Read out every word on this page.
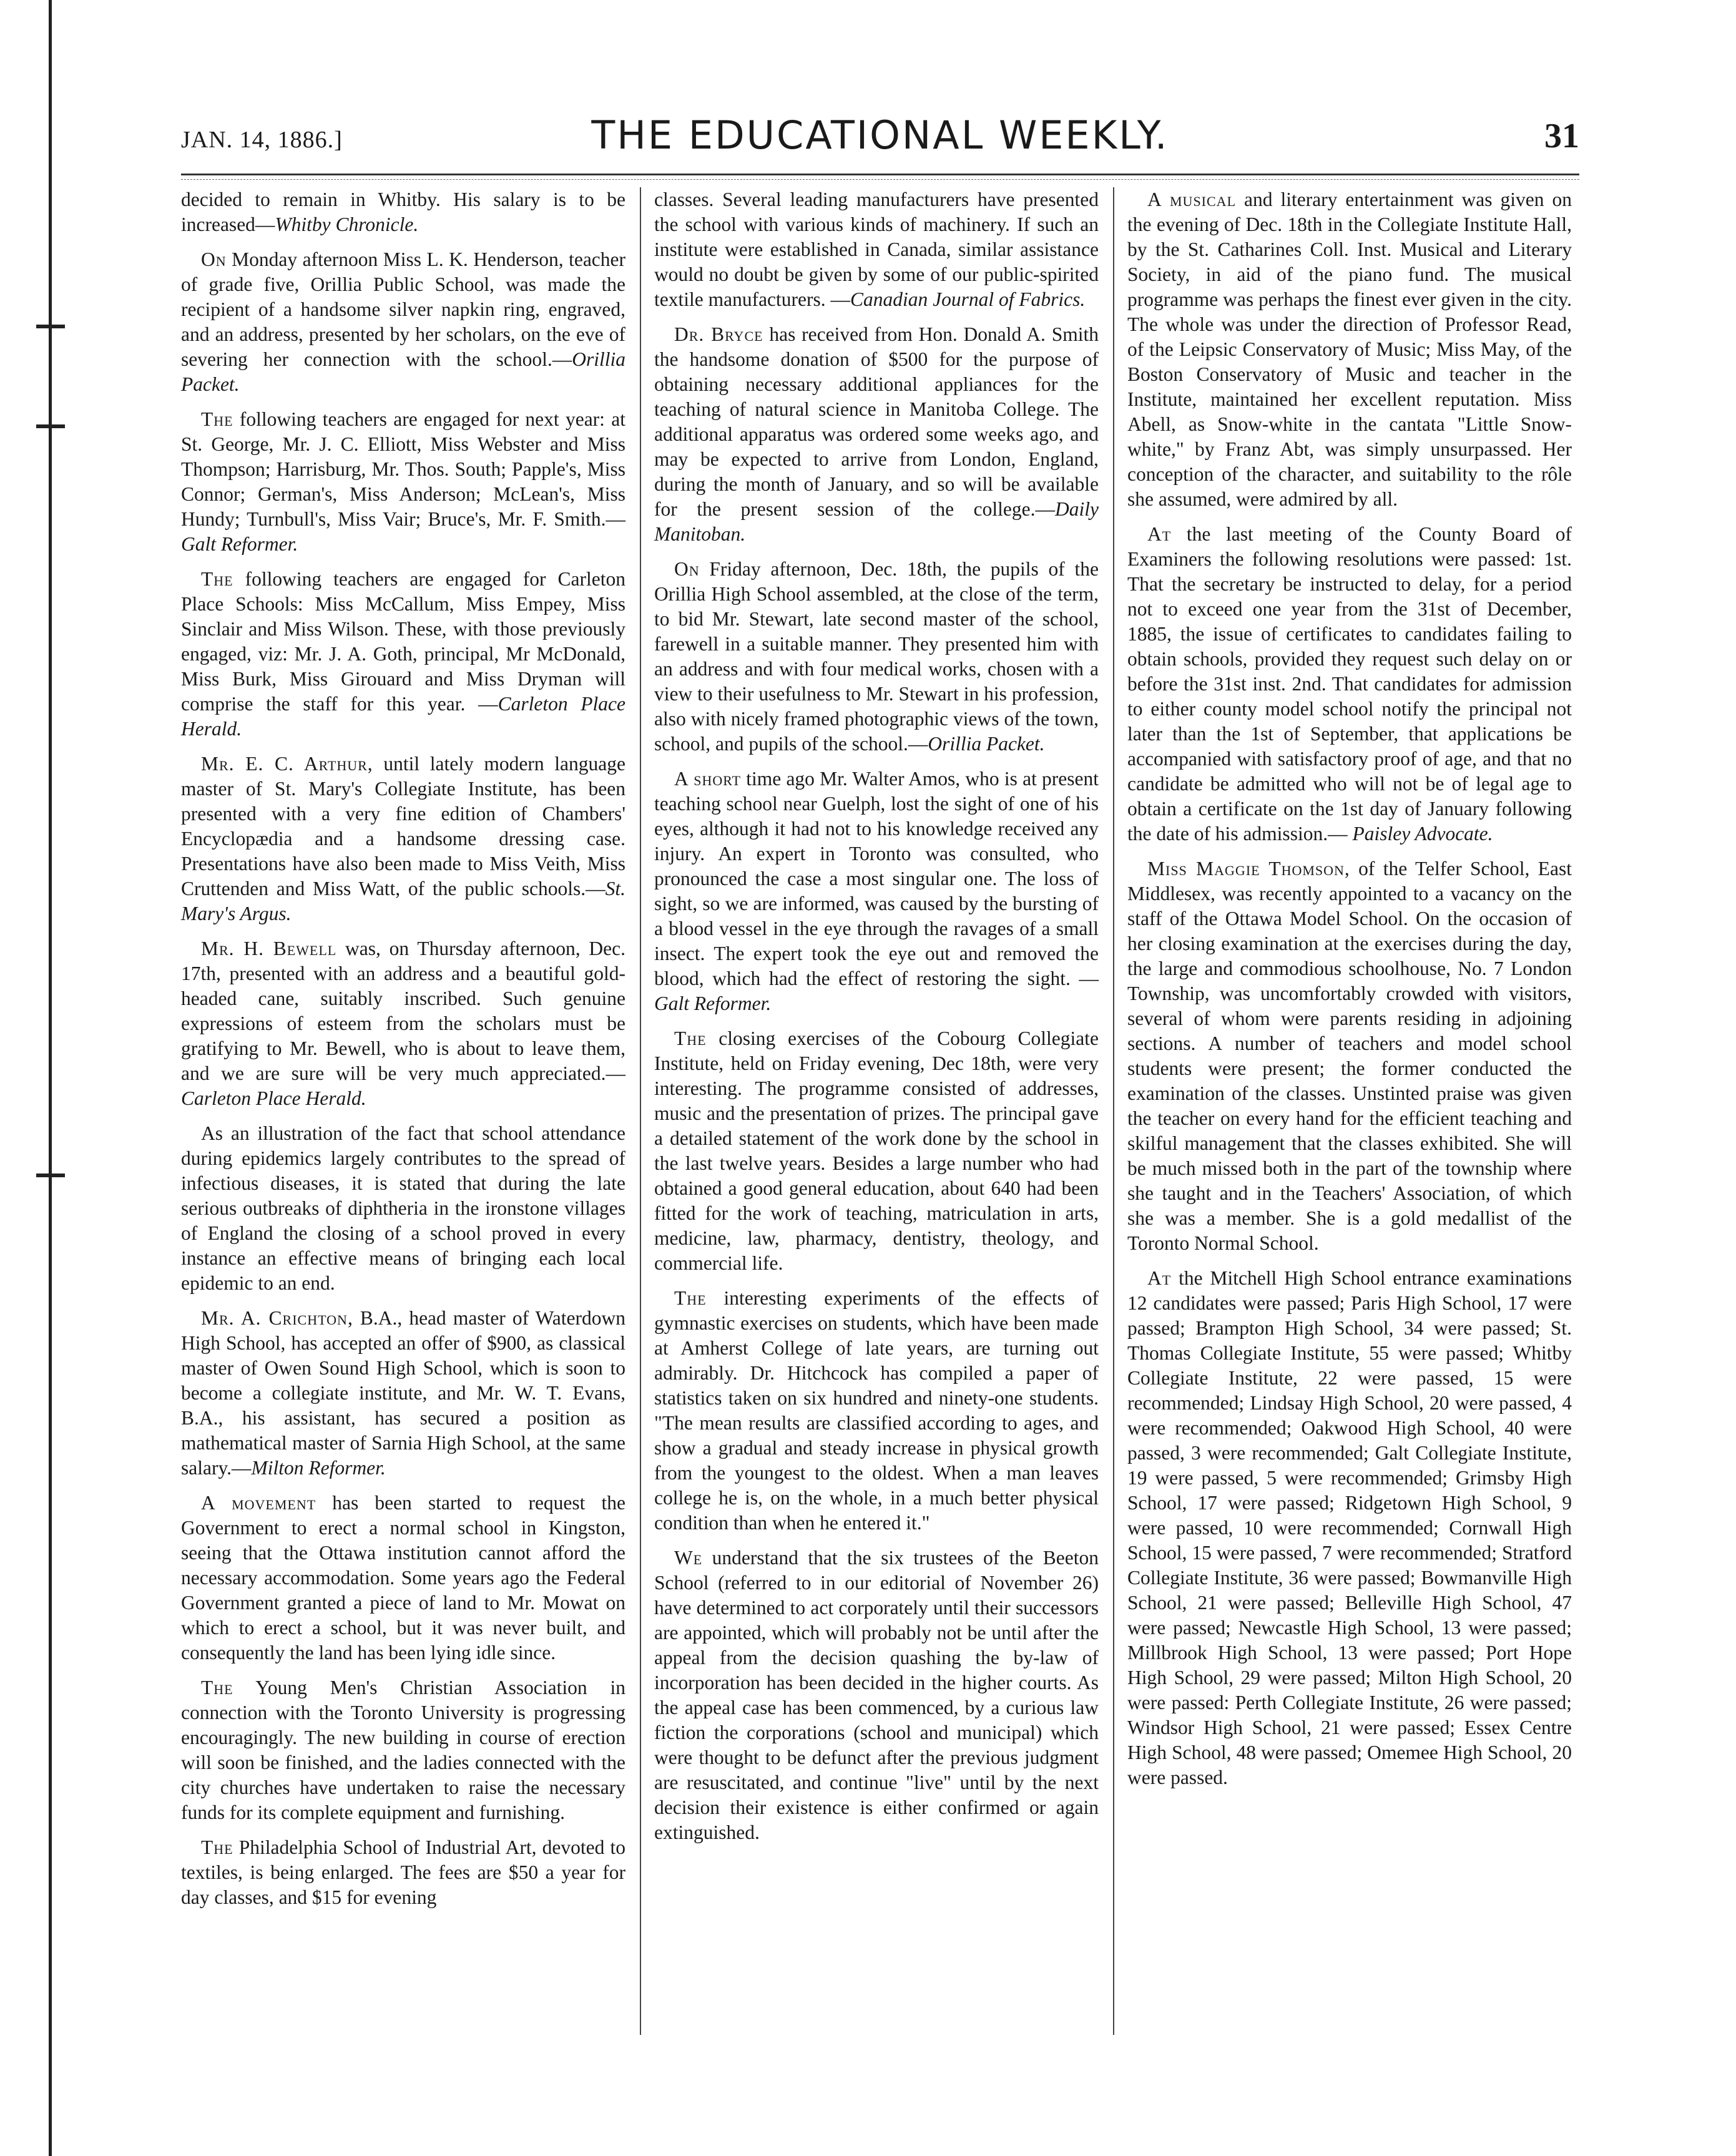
JAN. 14, 1886.]	THE EDUCATIONAL WEEKLY.	31

decided to remain in Whitby. His salary is to be increased—Whitby Chronicle.

On Monday afternoon Miss L. K. Henderson, teacher of grade five, Orillia Public School, was made the recipient of a handsome silver napkin ring, engraved, and an address, presented by her scholars, on the eve of severing her connection with the school.—Orillia Packet.

The following teachers are engaged for next year: at St. George, Mr. J. C. Elliott, Miss Webster and Miss Thompson; Harrisburg, Mr. Thos. South; Papple's, Miss Connor; German's, Miss Anderson; McLean's, Miss Hundy; Turnbull's, Miss Vair; Bruce's, Mr. F. Smith.—Galt Reformer.

The following teachers are engaged for Carleton Place Schools: Miss McCallum, Miss Empey, Miss Sinclair and Miss Wilson. These, with those previously engaged, viz: Mr. J. A. Goth, principal, Mr McDonald, Miss Burk, Miss Girouard and Miss Dryman will comprise the staff for this year. —Carleton Place Herald.

Mr. E. C. Arthur, until lately modern language master of St. Mary's Collegiate Institute, has been presented with a very fine edition of Chambers' Encyclopædia and a handsome dressing case. Presentations have also been made to Miss Veith, Miss Cruttenden and Miss Watt, of the public schools.—St. Mary's Argus.

Mr. H. Bewell was, on Thursday afternoon, Dec. 17th, presented with an address and a beautiful gold-headed cane, suitably inscribed. Such genuine expressions of esteem from the scholars must be gratifying to Mr. Bewell, who is about to leave them, and we are sure will be very much appreciated.—Carleton Place Herald.

As an illustration of the fact that school attendance during epidemics largely contributes to the spread of infectious diseases, it is stated that during the late serious outbreaks of diphtheria in the ironstone villages of England the closing of a school proved in every instance an effective means of bringing each local epidemic to an end.

Mr. A. Crichton, B.A., head master of Waterdown High School, has accepted an offer of $900, as classical master of Owen Sound High School, which is soon to become a collegiate institute, and Mr. W. T. Evans, B.A., his assistant, has secured a position as mathematical master of Sarnia High School, at the same salary.—Milton Reformer.

A movement has been started to request the Government to erect a normal school in Kingston, seeing that the Ottawa institution cannot afford the necessary accommodation. Some years ago the Federal Government granted a piece of land to Mr. Mowat on which to erect a school, but it was never built, and consequently the land has been lying idle since.

The Young Men's Christian Association in connection with the Toronto University is progressing encouragingly. The new building in course of erection will soon be finished, and the ladies connected with the city churches have undertaken to raise the necessary funds for its complete equipment and furnishing.

The Philadelphia School of Industrial Art, devoted to textiles, is being enlarged. The fees are $50 a year for day classes, and $15 for evening

classes. Several leading manufacturers have presented the school with various kinds of machinery. If such an institute were established in Canada, similar assistance would no doubt be given by some of our public-spirited textile manufacturers. —Canadian Journal of Fabrics.

Dr. Bryce has received from Hon. Donald A. Smith the handsome donation of $500 for the purpose of obtaining necessary additional appliances for the teaching of natural science in Manitoba College. The additional apparatus was ordered some weeks ago, and may be expected to arrive from London, England, during the month of January, and so will be available for the present session of the college.—Daily Manitoban.

On Friday afternoon, Dec. 18th, the pupils of the Orillia High School assembled, at the close of the term, to bid Mr. Stewart, late second master of the school, farewell in a suitable manner. They presented him with an address and with four medical works, chosen with a view to their usefulness to Mr. Stewart in his profession, also with nicely framed photographic views of the town, school, and pupils of the school.—Orillia Packet.

A short time ago Mr. Walter Amos, who is at present teaching school near Guelph, lost the sight of one of his eyes, although it had not to his knowledge received any injury. An expert in Toronto was consulted, who pronounced the case a most singular one. The loss of sight, so we are informed, was caused by the bursting of a blood vessel in the eye through the ravages of a small insect. The expert took the eye out and removed the blood, which had the effect of restoring the sight. — Galt Reformer.

The closing exercises of the Cobourg Collegiate Institute, held on Friday evening, Dec 18th, were very interesting. The programme consisted of addresses, music and the presentation of prizes. The principal gave a detailed statement of the work done by the school in the last twelve years. Besides a large number who had obtained a good general education, about 640 had been fitted for the work of teaching, matriculation in arts, medicine, law, pharmacy, dentistry, theology, and commercial life.

The interesting experiments of the effects of gymnastic exercises on students, which have been made at Amherst College of late years, are turning out admirably. Dr. Hitchcock has compiled a paper of statistics taken on six hundred and ninety-one students. "The mean results are classified according to ages, and show a gradual and steady increase in physical growth from the youngest to the oldest. When a man leaves college he is, on the whole, in a much better physical condition than when he entered it."

We understand that the six trustees of the Beeton School (referred to in our editorial of November 26) have determined to act corporately until their successors are appointed, which will probably not be until after the appeal from the decision quashing the by-law of incorporation has been decided in the higher courts. As the appeal case has been commenced, by a curious law fiction the corporations (school and municipal) which were thought to be defunct after the previous judgment are resuscitated, and continue "live" until by the next decision their existence is either confirmed or again extinguished.

A musical and literary entertainment was given on the evening of Dec. 18th in the Collegiate Institute Hall, by the St. Catharines Coll. Inst. Musical and Literary Society, in aid of the piano fund. The musical programme was perhaps the finest ever given in the city. The whole was under the direction of Professor Read, of the Leipsic Conservatory of Music; Miss May, of the Boston Conservatory of Music and teacher in the Institute, maintained her excellent reputation. Miss Abell, as Snow-white in the cantata "Little Snow-white," by Franz Abt, was simply unsurpassed. Her conception of the character, and suitability to the rôle she assumed, were admired by all.

At the last meeting of the County Board of Examiners the following resolutions were passed: 1st. That the secretary be instructed to delay, for a period not to exceed one year from the 31st of December, 1885, the issue of certificates to candidates failing to obtain schools, provided they request such delay on or before the 31st inst. 2nd. That candidates for admission to either county model school notify the principal not later than the 1st of September, that applications be accompanied with satisfactory proof of age, and that no candidate be admitted who will not be of legal age to obtain a certificate on the 1st day of January following the date of his admission.— Paisley Advocate.

Miss Maggie Thomson, of the Telfer School, East Middlesex, was recently appointed to a vacancy on the staff of the Ottawa Model School. On the occasion of her closing examination at the exercises during the day, the large and commodious schoolhouse, No. 7 London Township, was uncomfortably crowded with visitors, several of whom were parents residing in adjoining sections. A number of teachers and model school students were present; the former conducted the examination of the classes. Unstinted praise was given the teacher on every hand for the efficient teaching and skilful management that the classes exhibited. She will be much missed both in the part of the township where she taught and in the Teachers' Association, of which she was a member. She is a gold medallist of the Toronto Normal School.

At the Mitchell High School entrance examinations 12 candidates were passed; Paris High School, 17 were passed; Brampton High School, 34 were passed; St. Thomas Collegiate Institute, 55 were passed; Whitby Collegiate Institute, 22 were passed, 15 were recommended; Lindsay High School, 20 were passed, 4 were recommended; Oakwood High School, 40 were passed, 3 were recommended; Galt Collegiate Institute, 19 were passed, 5 were recommended; Grimsby High School, 17 were passed; Ridgetown High School, 9 were passed, 10 were recommended; Cornwall High School, 15 were passed, 7 were recommended; Stratford Collegiate Institute, 36 were passed; Bowmanville High School, 21 were passed; Belleville High School, 47 were passed; Newcastle High School, 13 were passed; Millbrook High School, 13 were passed; Port Hope High School, 29 were passed; Milton High School, 20 were passed: Perth Collegiate Institute, 26 were passed; Windsor High School, 21 were passed; Essex Centre High School, 48 were passed; Omemee High School, 20 were passed.
